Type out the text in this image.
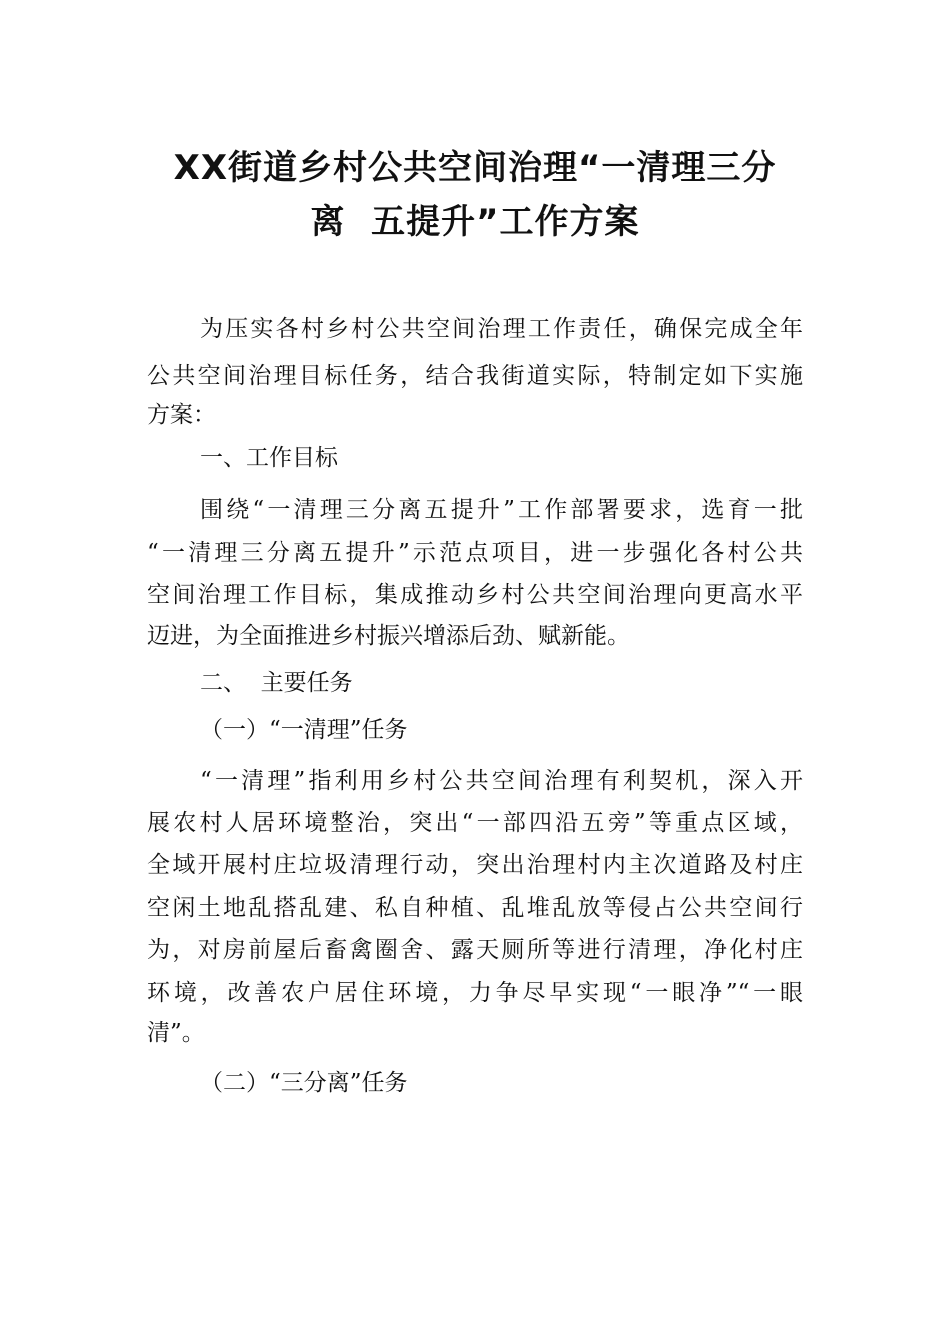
XX街道乡村公共空间治理“一清理三分
离  五提升”工作方案
为压实各村乡村公共空间治理工作责任，确保完成全年
公共空间治理目标任务，结合我街道实际，特制定如下实施
方案：
一、工作目标
围绕“一清理三分离五提升”工作部署要求，选育一批
“一清理三分离五提升”示范点项目，进一步强化各村公共
空间治理工作目标，集成推动乡村公共空间治理向更高水平
迈进，为全面推进乡村振兴增添后劲、赋新能。
二、  主要任务
（一）“一清理”任务
“一清理”指利用乡村公共空间治理有利契机，深入开
展农村人居环境整治，突出“一部四沿五旁”等重点区域，
全域开展村庄垃圾清理行动，突出治理村内主次道路及村庄
空闲土地乱搭乱建、私自种植、乱堆乱放等侵占公共空间行
为，对房前屋后畜禽圈舍、露天厕所等进行清理，净化村庄
环境，改善农户居住环境，力争尽早实现“一眼净”“一眼
清”。
（二）“三分离”任务
